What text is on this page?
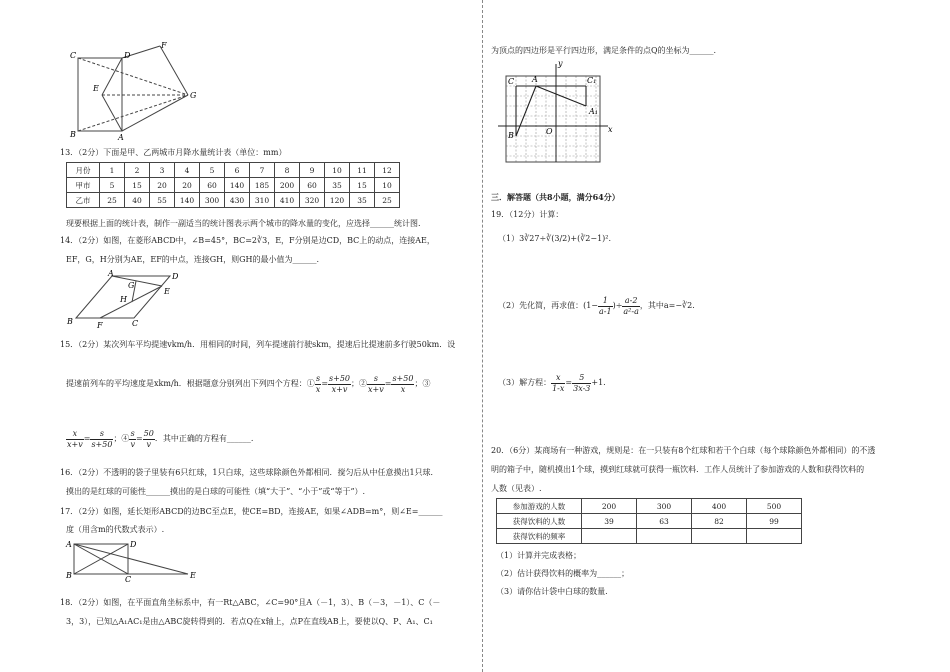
C	D
F
E
G
B	A
13．（2分）下面是甲、乙两城市月降水量统计表（单位：mm）
月份	1	2	3	4	5	6	7	8	9	10	11	12
甲市	5	15	20	20	60	140	185	200	60	35	15	10
乙市	25	40	55	140	300	430	310	410	320	120	35	25
现要根据上面的统计表，制作一副适当的统计图表示两个城市的降水量的变化，应选择______统计图.
14．（2分）如图，在菱形ABCD中，∠B=45°，BC=2∛3，E，F分别是边CD，BC上的动点，连接AE，
EF，G，H分别为AE，EF的中点，连接GH，则GH的最小值为______.
A	D
G
H
E
B	F	C
15．（2分）某次列车平均提速vkm/h．用相同的时间，列车提速前行驶skm，提速后比提速前多行驶50km．设
提速前列车的平均速度是xkm/h．根据题意分别列出下列四个方程：① $\frac{s}{x} = \frac{s+50}{x+v}$ ；② $\frac{s}{x+v} = \frac{s+50}{x}$ ；③
$\frac{x}{x+v} = \frac{s}{s+50}$ ；④ $\frac{s}{v} = \frac{50}{v}$ ．其中正确的方程有______.
16．（2分）不透明的袋子里装有6只红球，1只白球，这些球除颜色外都相同．搅匀后从中任意摸出1只球．
摸出的是红球的可能性______摸出的是白球的可能性（填“大于”、“小于”或“等于”）.
17．（2分）如图，延长矩形ABCD的边BC至点E，使CE=BD，连接AE，如果∠ADB=m°，则∠E=______
度（用含m的代数式表示）.
A	D
B	C	E
18．（2分）如图，在平面直角坐标系中，有一Rt△ABC，∠C=90°且A（－1，3）、B（－3，－1）、C（－
3，3），已知△A₁AC₁是由△ABC旋转得到的．若点Q在x轴上，点P在直线AB上，要使以Q、P、A₁、C₁
为顶点的四边形是平行四边形，满足条件的点Q的坐标为______.
C A	C₁
A₁
B	O	x
y
三．解答题（共8小题，满分64分）
19．（12分）计算：
（1）3∛27÷∛(3/2)+(∛2−1)².
（2）先化简，再求值：($1- \frac{1}{a-1}$ )÷ $\frac{a-2}{\text{a²-a}}$ ，其中a=−∛2.
（3）解方程： $\frac{x}{1-x} = \frac{5}{3x-3} +1$.
20．（6分）某商场有一种游戏，规则是：在一只装有8个红球和若干个白球（每个球除颜色外都相同）的不透
明的箱子中，随机摸出1个球，摸到红球就可获得一瓶饮料．工作人员统计了参加游戏的人数和获得饮料的
人数（见表）.
参加游戏的人数	200	300	400	500
获得饮料的人数	39	63	82	99
获得饮料的频率				
（1）计算并完成表格；
（2）估计获得饮料的概率为______；
（3）请你估计袋中白球的数量.
